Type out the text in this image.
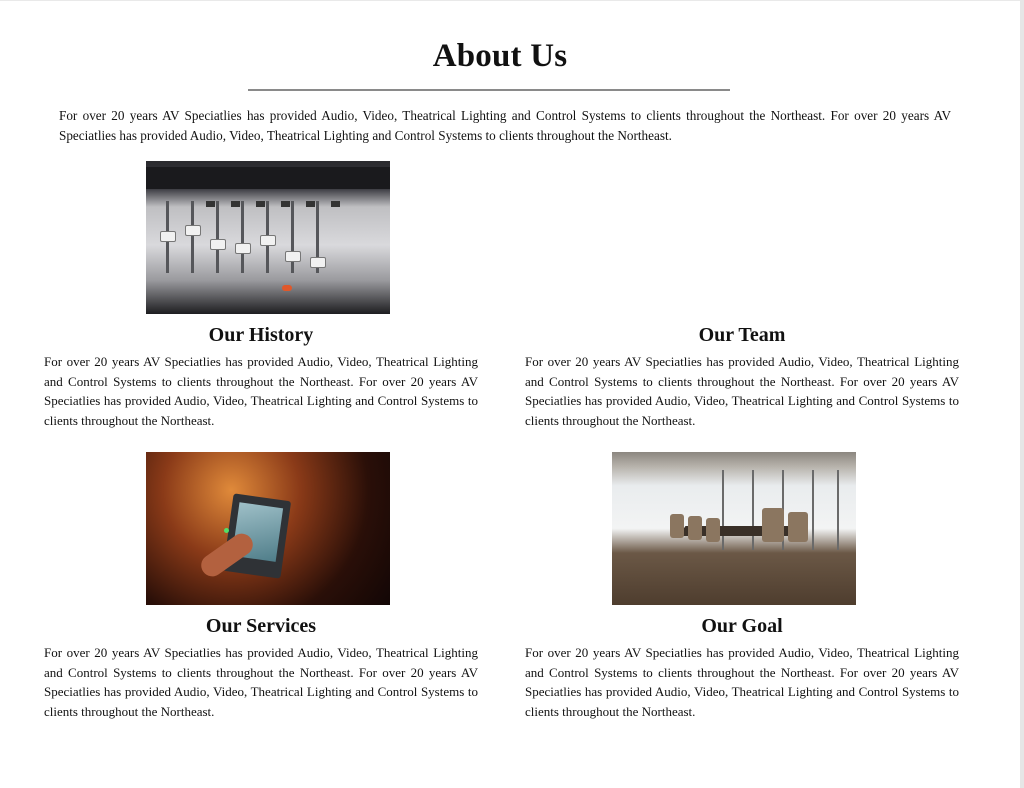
About Us

For over 20 years AV Speciatlies has provided Audio, Video, Theatrical Lighting and Control Systems to clients throughout the Northeast. For over 20 years AV Speciatlies has provided Audio, Video, Theatrical Lighting and Control Systems to clients throughout the Northeast.

Our History

For over 20 years AV Speciatlies has provided Audio, Video, Theatrical Lighting and Control Systems to clients throughout the Northeast. For over 20 years AV Speciatlies has provided Audio, Video, Theatrical Lighting and Control Systems to clients throughout the Northeast.

Our Team

For over 20 years AV Speciatlies has provided Audio, Video, Theatrical Lighting and Control Systems to clients throughout the Northeast. For over 20 years AV Speciatlies has provided Audio, Video, Theatrical Lighting and Control Systems to clients throughout the Northeast.

Our Services

For over 20 years AV Speciatlies has provided Audio, Video, Theatrical Lighting and Control Systems to clients throughout the Northeast. For over 20 years AV Speciatlies has provided Audio, Video, Theatrical Lighting and Control Systems to clients throughout the Northeast.

Our Goal

For over 20 years AV Speciatlies has provided Audio, Video, Theatrical Lighting and Control Systems to clients throughout the Northeast. For over 20 years AV Speciatlies has provided Audio, Video, Theatrical Lighting and Control Systems to clients throughout the Northeast.
